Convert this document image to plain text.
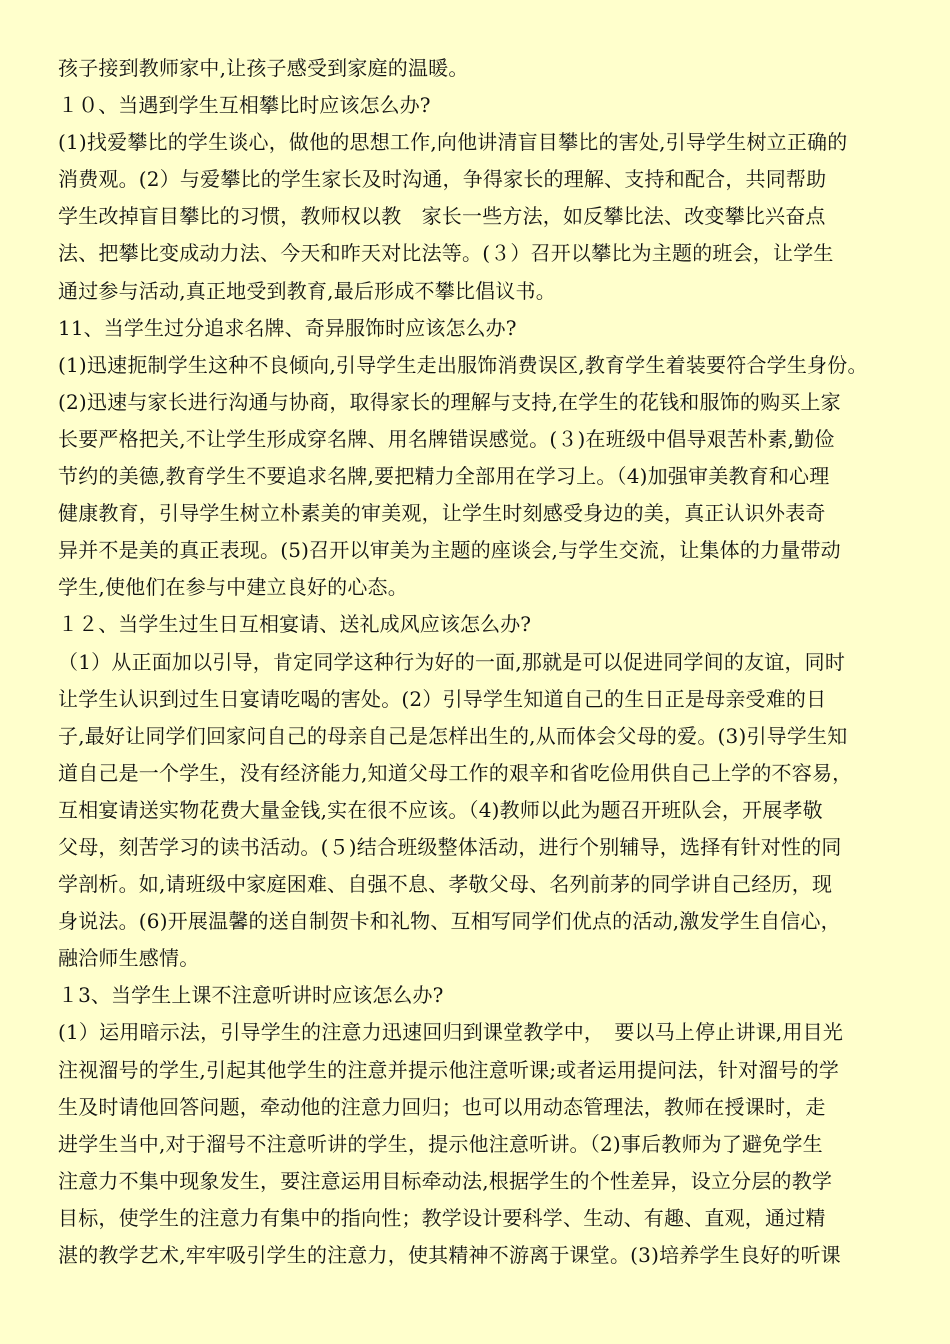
孩子接到教师家中,让孩子感受到家庭的温暖。
１０、当遇到学生互相攀比时应该怎么办?
(1)找爱攀比的学生谈心，做他的思想工作,向他讲清盲目攀比的害处,引导学生树立正确的
消费观。(2）与爱攀比的学生家长及时沟通，争得家长的理解、支持和配合，共同帮助
学生改掉盲目攀比的习惯，教师权以教　家长一些方法，如反攀比法、改变攀比兴奋点
法、把攀比变成动力法、今天和昨天对比法等。(３）召开以攀比为主题的班会，让学生
通过参与活动,真正地受到教育,最后形成不攀比倡议书。
11、当学生过分追求名牌、奇异服饰时应该怎么办?
(1)迅速扼制学生这种不良倾向,引导学生走出服饰消费误区,教育学生着装要符合学生身份。
(2)迅速与家长进行沟通与协商，取得家长的理解与支持,在学生的花钱和服饰的购买上家
长要严格把关,不让学生形成穿名牌、用名牌错误感觉。(３)在班级中倡导艰苦朴素,勤俭
节约的美德,教育学生不要追求名牌,要把精力全部用在学习上。（4)加强审美教育和心理
健康教育，引导学生树立朴素美的审美观，让学生时刻感受身边的美，真正认识外表奇
异并不是美的真正表现。(5)召开以审美为主题的座谈会,与学生交流，让集体的力量带动
学生,使他们在参与中建立良好的心态。
１２、当学生过生日互相宴请、送礼成风应该怎么办?
（1）从正面加以引导，肯定同学这种行为好的一面,那就是可以促进同学间的友谊，同时
让学生认识到过生日宴请吃喝的害处。(2）引导学生知道自己的生日正是母亲受难的日
子,最好让同学们回家问自己的母亲自己是怎样出生的,从而体会父母的爱。(3)引导学生知
道自己是一个学生，没有经济能力,知道父母工作的艰辛和省吃俭用供自己上学的不容易，
互相宴请送实物花费大量金钱,实在很不应该。（4)教师以此为题召开班队会，开展孝敬
父母，刻苦学习的读书活动。(５)结合班级整体活动，进行个别辅导，选择有针对性的同
学剖析。如,请班级中家庭困难、自强不息、孝敬父母、名列前茅的同学讲自己经历，现
身说法。(6)开展温馨的送自制贺卡和礼物、互相写同学们优点的活动,激发学生自信心，
融洽师生感情。
１3、当学生上课不注意听讲时应该怎么办?
(1）运用暗示法，引导学生的注意力迅速回归到课堂教学中，　要以马上停止讲课,用目光
注视溜号的学生,引起其他学生的注意并提示他注意听课;或者运用提问法，针对溜号的学
生及时请他回答问题，牵动他的注意力回归；也可以用动态管理法，教师在授课时，走
进学生当中,对于溜号不注意听讲的学生，提示他注意听讲。（2)事后教师为了避免学生
注意力不集中现象发生，要注意运用目标牵动法,根据学生的个性差异，设立分层的教学
目标，使学生的注意力有集中的指向性；教学设计要科学、生动、有趣、直观，通过精
湛的教学艺术,牢牢吸引学生的注意力，使其精神不游离于课堂。(3)培养学生良好的听课
